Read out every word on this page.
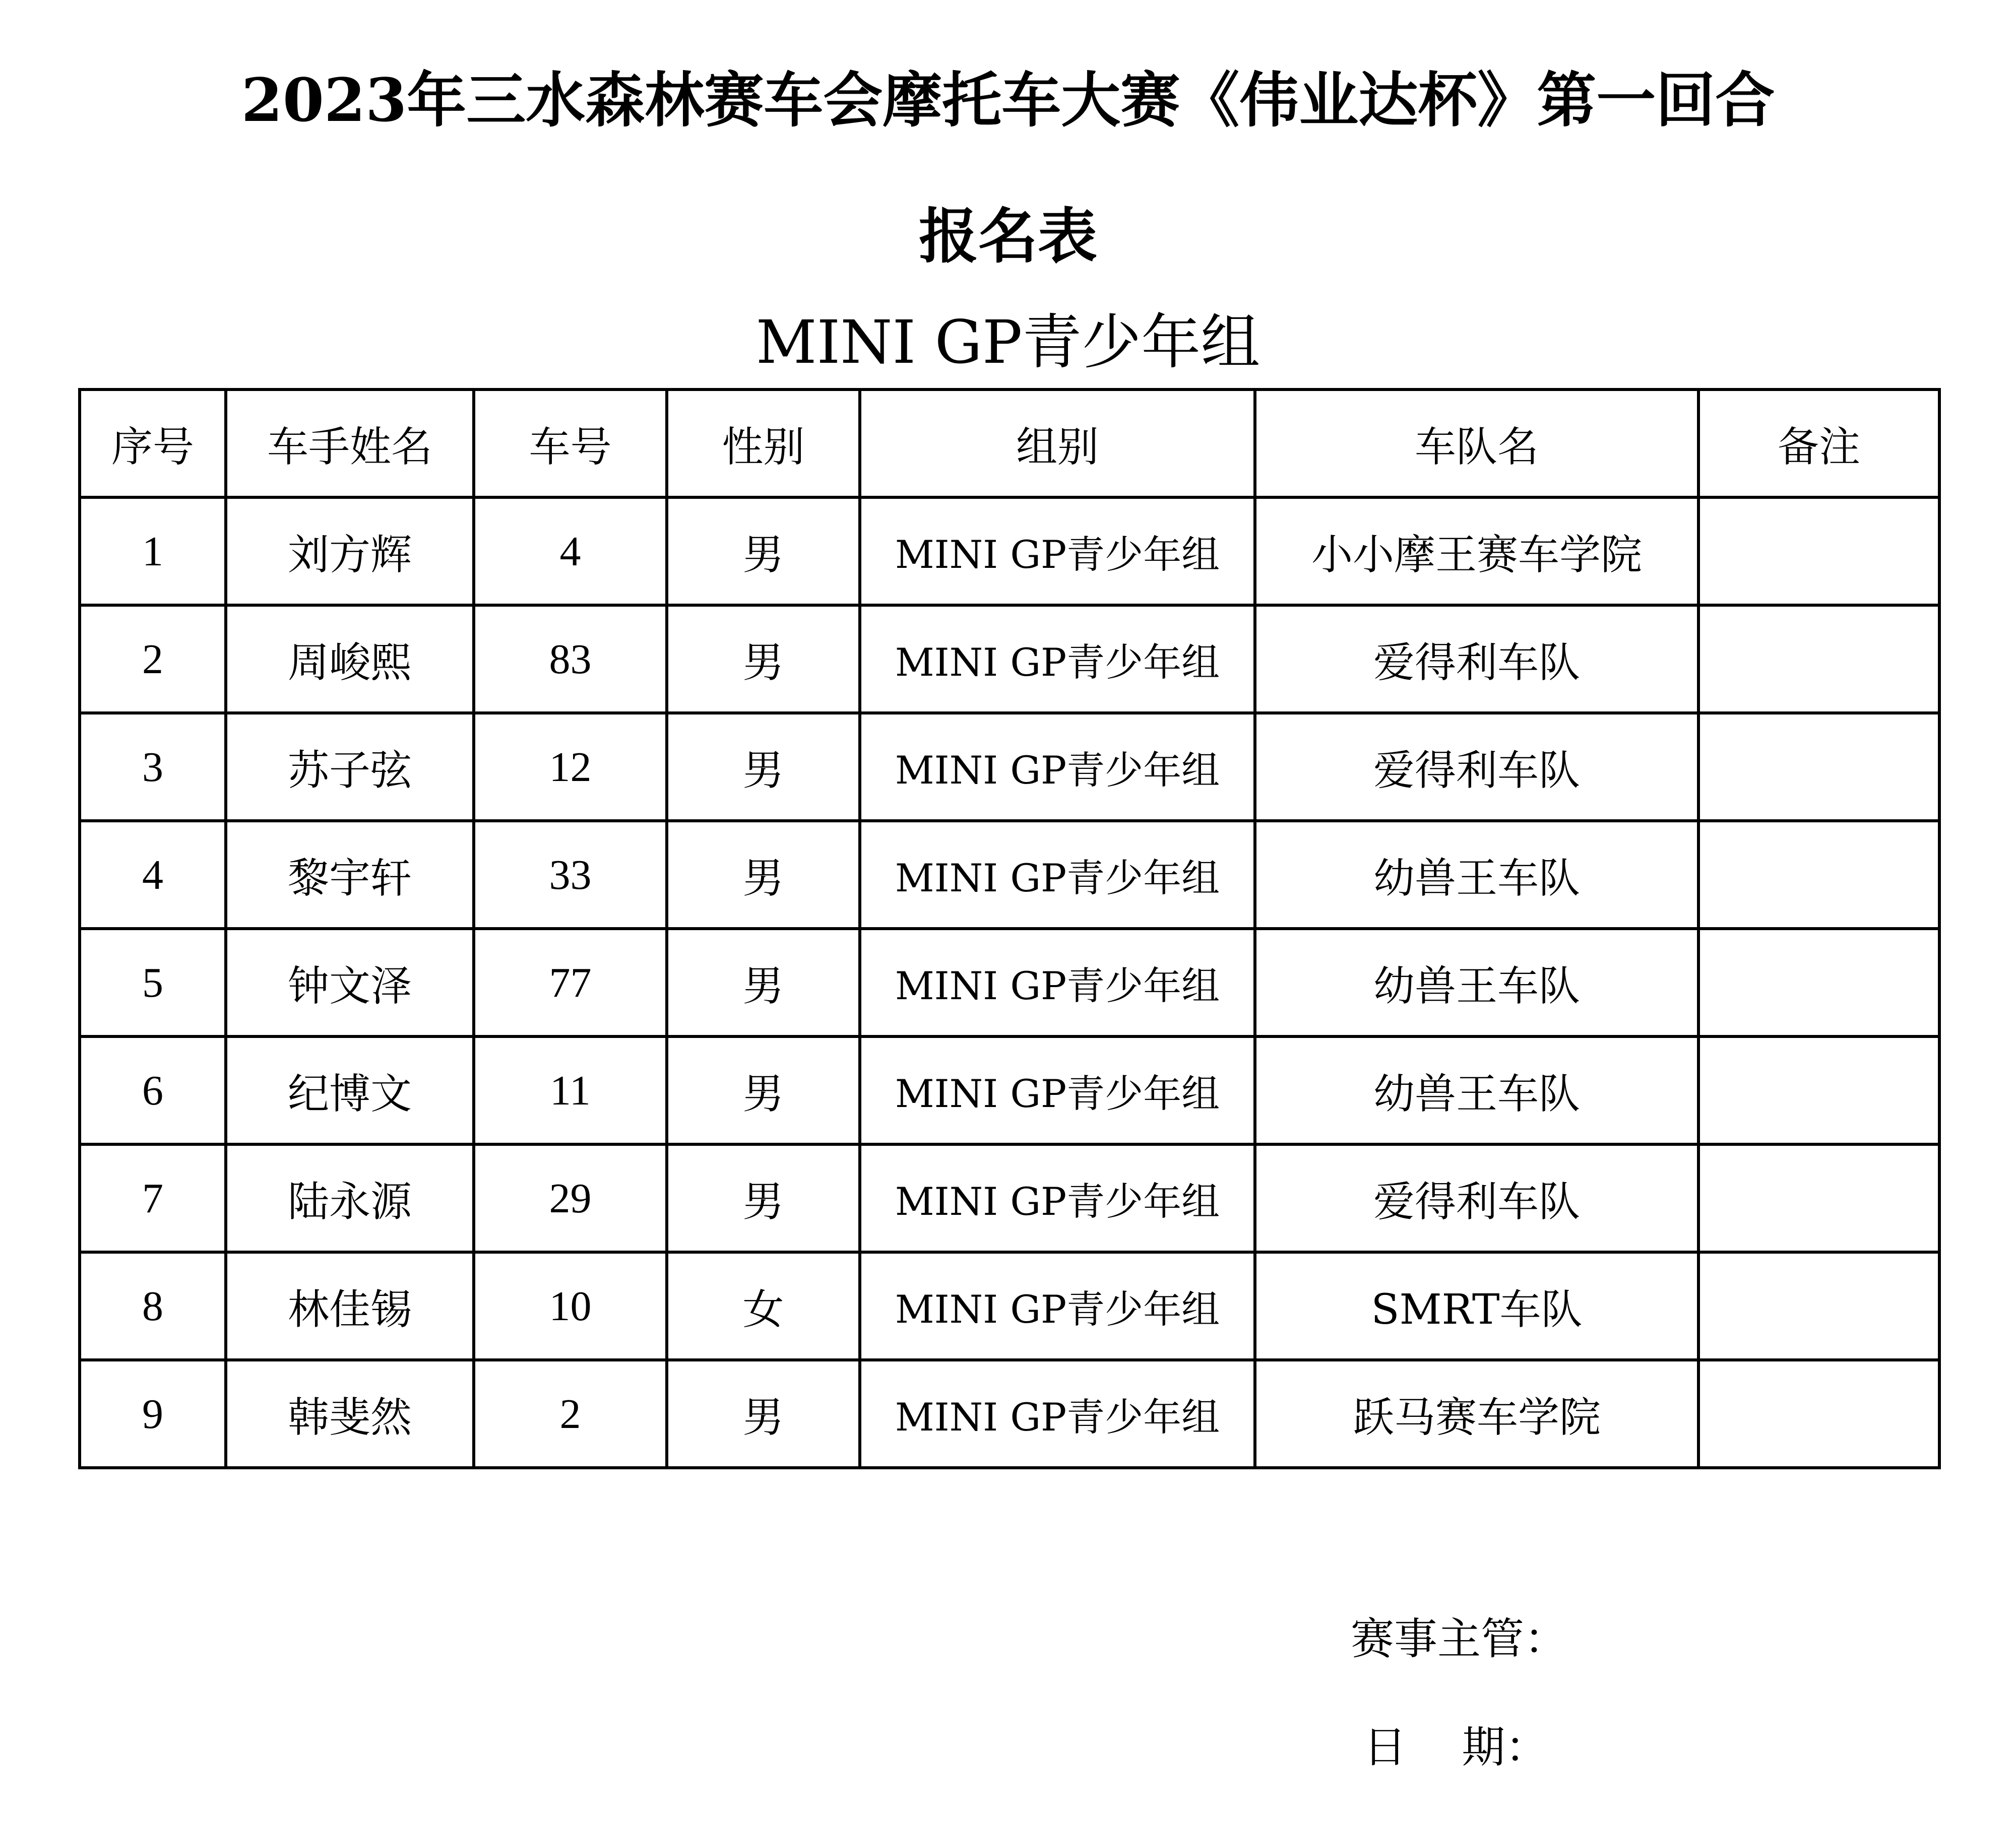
2023年三水森林赛车会摩托车大赛《伟业达杯》第一回合
报名表
MINI GP青少年组
序号	车手姓名	车号	性别	组别	车队名	备注
1	刘方辉	4	男	MINI GP青少年组	小小摩王赛车学院	
2	周峻熙	83	男	MINI GP青少年组	爱得利车队	
3	苏子弦	12	男	MINI GP青少年组	爱得利车队	
4	黎宇轩	33	男	MINI GP青少年组	幼兽王车队	
5	钟文泽	77	男	MINI GP青少年组	幼兽王车队	
6	纪博文	11	男	MINI GP青少年组	幼兽王车队	
7	陆永源	29	男	MINI GP青少年组	爱得利车队	
8	林佳锡	10	女	MINI GP青少年组	SMRT车队	
9	韩斐然	2	男	MINI GP青少年组	跃马赛车学院	
赛事主管：
日    期：
